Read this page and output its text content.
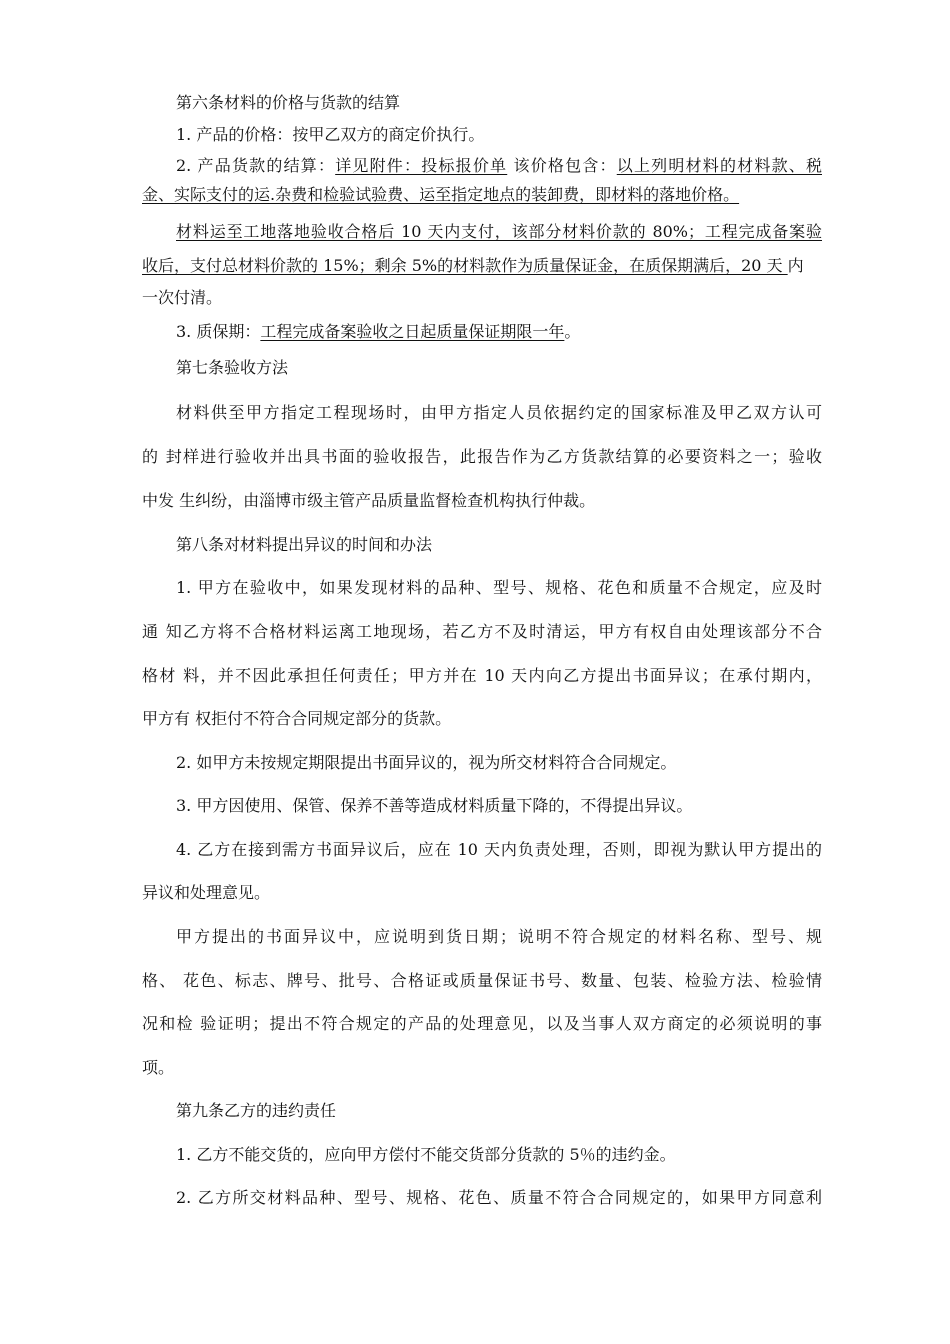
第六条材料的价格与货款的结算
1. 产品的价格：按甲乙双方的商定价执行。
2. 产品货款的结算：详见附件：投标报价单 该价格包含：以上列明材料的材料款、税
金、实际支付的运.杂费和检验试验费、运至指定地点的装卸费，即材料的落地价格。
材料运至工地落地验收合格后 10 天内支付，该部分材料价款的 80%；工程完成备案验
收后，支付总材料价款的 15%；剩余 5%的材料款作为质量保证金，在质保期满后，20 天 内
一次付清。
3. 质保期：工程完成备案验收之日起质量保证期限一年。
第七条验收方法
材料供至甲方指定工程现场时，由甲方指定人员依据约定的国家标准及甲乙双方认可
的 封样进行验收并出具书面的验收报告，此报告作为乙方货款结算的必要资料之一；验收
中发 生纠纷，由淄博市级主管产品质量监督检查机构执行仲裁。
第八条对材料提出异议的时间和办法
1. 甲方在验收中，如果发现材料的品种、型号、规格、花色和质量不合规定，应及时
通 知乙方将不合格材料运离工地现场，若乙方不及时清运，甲方有权自由处理该部分不合
格材 料，并不因此承担任何责任；甲方并在 10 天内向乙方提出书面异议；在承付期内，
甲方有 权拒付不符合合同规定部分的货款。
2. 如甲方未按规定期限提出书面异议的，视为所交材料符合合同规定。
3. 甲方因使用、保管、保养不善等造成材料质量下降的，不得提出异议。
4. 乙方在接到需方书面异议后，应在 10 天内负责处理，否则，即视为默认甲方提出的
异议和处理意见。
甲方提出的书面异议中，应说明到货日期；说明不符合规定的材料名称、型号、规
格、 花色、标志、牌号、批号、合格证或质量保证书号、数量、包装、检验方法、检验情
况和检 验证明；提出不符合规定的产品的处理意见，以及当事人双方商定的必须说明的事
项。
第九条乙方的违约责任
1. 乙方不能交货的，应向甲方偿付不能交货部分货款的 5％的违约金。
2. 乙方所交材料品种、型号、规格、花色、质量不符合合同规定的，如果甲方同意利
